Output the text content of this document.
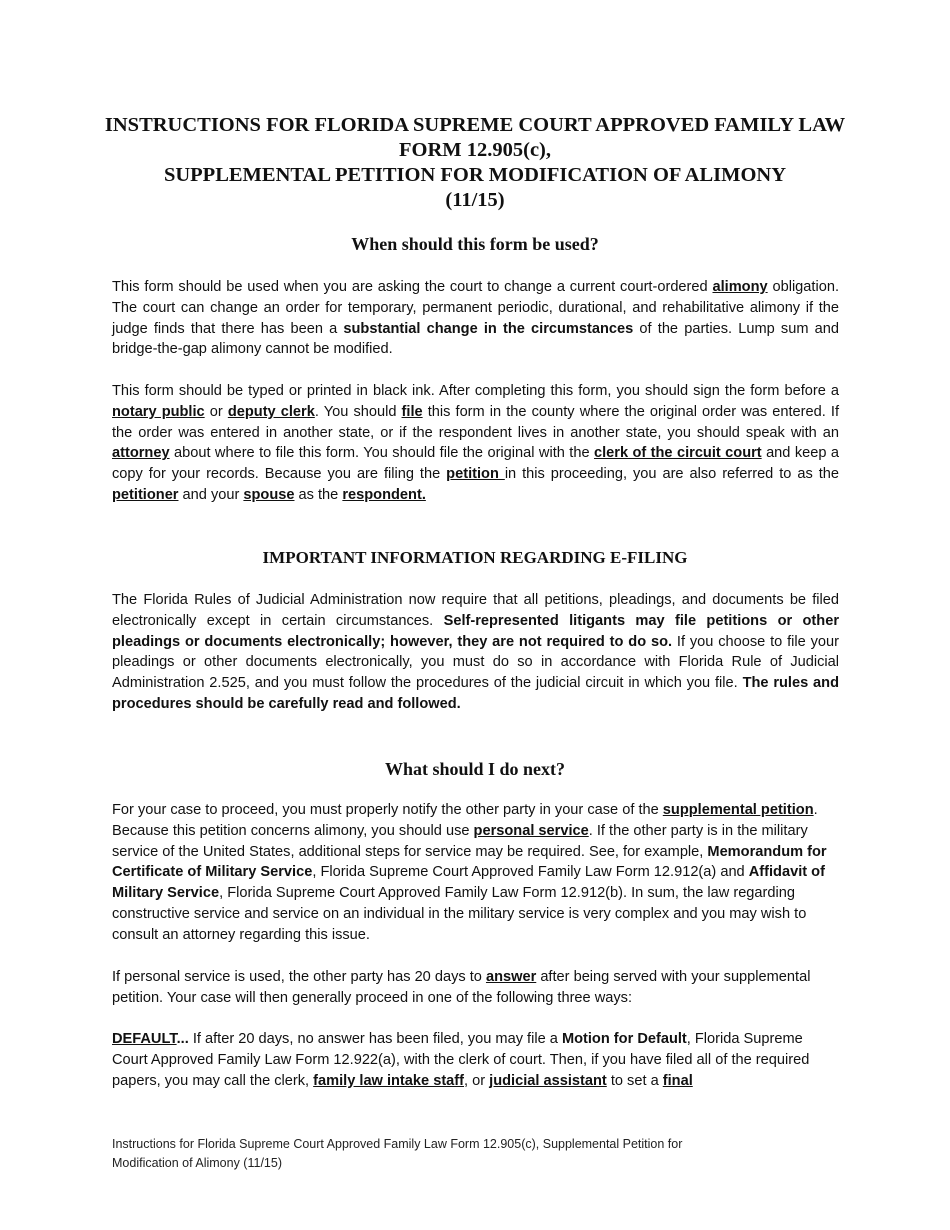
INSTRUCTIONS FOR FLORIDA SUPREME COURT APPROVED FAMILY LAW
FORM 12.905(c),
SUPPLEMENTAL PETITION FOR MODIFICATION OF ALIMONY
(11/15)
When should this form be used?
This form should be used when you are asking the court to change a current court-ordered alimony obligation. The court can change an order for temporary, permanent periodic, durational, and rehabilitative alimony if the judge finds that there has been a substantial change in the circumstances of the parties. Lump sum and bridge-the-gap alimony cannot be modified.
This form should be typed or printed in black ink. After completing this form, you should sign the form before a notary public or deputy clerk. You should file this form in the county where the original order was entered. If the order was entered in another state, or if the respondent lives in another state, you should speak with an attorney about where to file this form. You should file the original with the clerk of the circuit court and keep a copy for your records. Because you are filing the petition in this proceeding, you are also referred to as the petitioner and your spouse as the respondent.
IMPORTANT INFORMATION REGARDING E-FILING
The Florida Rules of Judicial Administration now require that all petitions, pleadings, and documents be filed electronically except in certain circumstances. Self-represented litigants may file petitions or other pleadings or documents electronically; however, they are not required to do so. If you choose to file your pleadings or other documents electronically, you must do so in accordance with Florida Rule of Judicial Administration 2.525, and you must follow the procedures of the judicial circuit in which you file. The rules and procedures should be carefully read and followed.
What should I do next?
For your case to proceed, you must properly notify the other party in your case of the supplemental petition. Because this petition concerns alimony, you should use personal service. If the other party is in the military service of the United States, additional steps for service may be required. See, for example, Memorandum for Certificate of Military Service, Florida Supreme Court Approved Family Law Form 12.912(a) and Affidavit of Military Service, Florida Supreme Court Approved Family Law Form 12.912(b). In sum, the law regarding constructive service and service on an individual in the military service is very complex and you may wish to consult an attorney regarding this issue.
If personal service is used, the other party has 20 days to answer after being served with your supplemental petition. Your case will then generally proceed in one of the following three ways:
DEFAULT... If after 20 days, no answer has been filed, you may file a Motion for Default, Florida Supreme Court Approved Family Law Form 12.922(a), with the clerk of court. Then, if you have filed all of the required papers, you may call the clerk, family law intake staff, or judicial assistant to set a final
Instructions for Florida Supreme Court Approved Family Law Form 12.905(c), Supplemental Petition for
Modification of Alimony (11/15)
